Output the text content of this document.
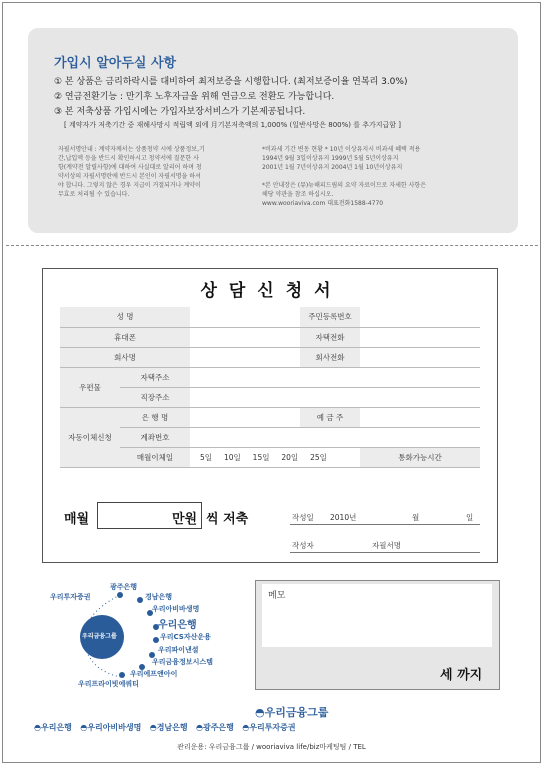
가입시 알아두실 사항
① 본 상품은 금리하락시를 대비하여 최저보증을 시행합니다. (최저보증이율 연복리 3.0%)
② 연금전환기능 : 만기후 노후자금을 위해 연금으로 전환도 가능합니다.
③ 본 저축상품 가입시에는 가입자보장서비스가 기본제공됩니다.
[ 계약자가 저축기간 중 재해사망시 적립액 외에 月기본저축액의 1,000% (일반사망은 800%) 를 추가지급함 ]
자필서명안내 : 계약자께서는 상품청약 시에 상품정보,기
간,납입액 등을 반드시 확인하시고 청약서에 질문한 사
항(계약전 알릴사항)에 대하여 사실대로 알리어 하며 청
약서상의 자필서명란에 반드시 본인이 자필서명을 하셔
야 합니다. 그렇지 않은 경우 지급이 거절되거나 계약이
무효로 처리될 수 있습니다.
*비과세 기간 변동 현황 * 10년 이상유지시 비과세 혜택 적용
1994년 9월 3일이상유지 1999년 5월 5년이상유지
2001년 1월 7년이상유지 2004년 1월 10년이상유지

*본 안내장은 (뮤)뉴해피드림의 요약 자료이므로 자세한 사항은
해당 약관을 참조 하십시오.
www.wooriaviva.com 대표전화1588-4770
상담신청서
성 명			주민등록번호	
휴대폰			자택전화	
회사명			회사전화	
우편물	자택주소			
	직장주소			
자동이체신청	은 행 명		예 금 주	
	계좌번호			
	매월이체일	5일 10일 15일 20일 25일		통화가능시간
매월	만원 씩 저축	작성일 2010년	월	일
작성자	자필서명
우리금융그룹
광주은행
우리투자증권	경남은행
우리아비바생명
우리은행
우리CS자산운용
우리파이낸셜
우리금융정보시스템
우리에프앤아이
우리프라이빗에쿼티
메모
세 까지
◓우리금융그룹
◓우리은행 ◓우리아비바생명 ◓경남은행 ◓광주은행 ◓우리투자증권
관리운용: 우리금융그룹 / wooriaviva life/biz마케팅팀 / TEL
